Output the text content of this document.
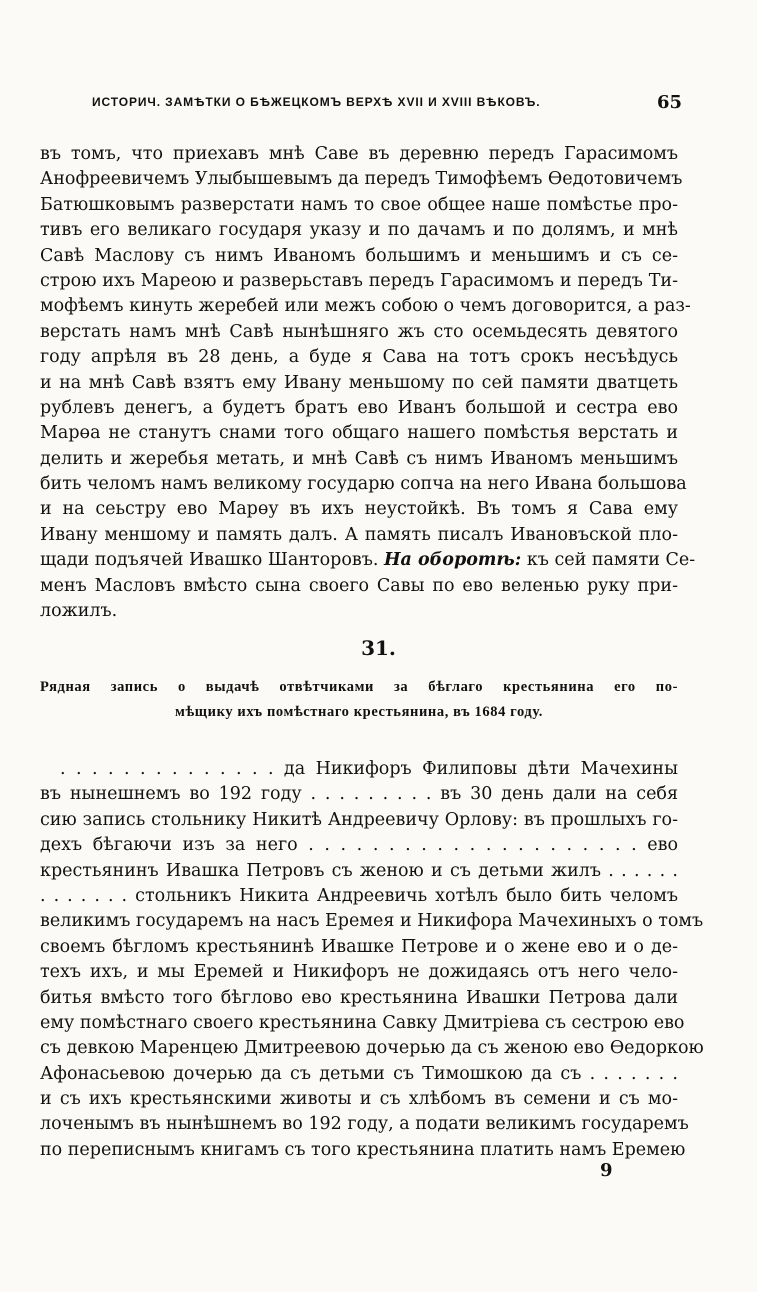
ИСТОРИЧ. ЗАМѢТКИ О БѢЖЕЦКОМЪ ВЕРХѢ XVII И XVIII ВѢКОВЪ.	65
въ томъ, что приехавъ мнѣ Саве въ деревню передъ Гарасимомъ
Анофреевичемъ Улыбышевымъ да передъ Тимофѣемъ Өедотовичемъ
Батюшковымъ разверстати намъ то свое общее наше помѣстье про-
тивъ его великаго государя указу и по дачамъ и по долямъ, и мнѣ
Савѣ Маслову съ нимъ Иваномъ большимъ и меньшимъ и съ се-
строю ихъ Мареою и разверьставъ передъ Гарасимомъ и передъ Ти-
мофѣемъ кинуть жеребей или межъ собою о чемъ договорится, а раз-
верстать намъ мнѣ Савѣ нынѣшняго жъ сто осемьдесять девятого
году апрѣля въ 28 день, а буде я Сава на тотъ срокъ несъѣдусь
и на мнѣ Савѣ взятъ ему Ивану меньшому по сей памяти дватцеть
рублевъ денегъ, а будетъ братъ ево Иванъ большой и сестра ево
Марөа не станутъ снами того общаго нашего помѣстья верстать и
делить и жеребья метать, и мнѣ Савѣ съ нимъ Иваномъ меньшимъ
бить челомъ намъ великому государю сопча на него Ивана большова
и на сеьстру ево Марөу въ ихъ неустойкѣ. Въ томъ я Сава ему
Ивану меншому и память далъ. А память писалъ Ивановъской пло-
щади подъячей Ивашко Шанторовъ. На оборотѣ: къ сей памяти Се-
менъ Масловъ вмѣсто сына своего Савы по ево веленью руку при-
ложилъ.
31.
Рядная запись о выдачѣ отвѣтчиками за бѣглаго крестьянина его по-
мѣщику ихъ помѣстнаго крестьянина, въ 1684 году.
. . . . . . . . . . . . . . да Никифоръ Филиповы дѣти Мачехины
въ нынешнемъ во 192 году . . . . . . . . . въ 30 день дали на себя
сию запись стольнику Никитѣ Андреевичу Орлову: въ прошлыхъ го-
дехъ бѣгаючи изъ за него . . . . . . . . . . . . . . . . . . . . . ево
крестьянинъ Ивашка Петровъ съ женою и съ детьми жилъ . . . . . .
. . . . . . . стольникъ Никита Андреевичь хотѣлъ было бить челомъ
великимъ государемъ на насъ Еремея и Никифора Мачехиныхъ о томъ
своемъ бѣгломъ крестьянинѣ Ивашке Петрове и о жене ево и о де-
техъ ихъ, и мы Еремей и Никифоръ не дожидаясь отъ него чело-
битья вмѣсто того бѣглово ево крестьянина Ивашки Петрова дали
ему помѣстнаго своего крестьянина Савку Дмитріева съ сестрою ево
съ девкою Маренцею Дмитреевою дочерью да съ женою ево Өедоркою
Афонасьевою дочерью да съ детьми съ Тимошкою да съ . . . . . . .
и съ ихъ крестьянскими животы и съ хлѣбомъ въ семени и съ мо-
лоченымъ въ нынѣшнемъ во 192 году, а подати великимъ государемъ
по переписнымъ книгамъ съ того крестьянина платить намъ Еремею
9
